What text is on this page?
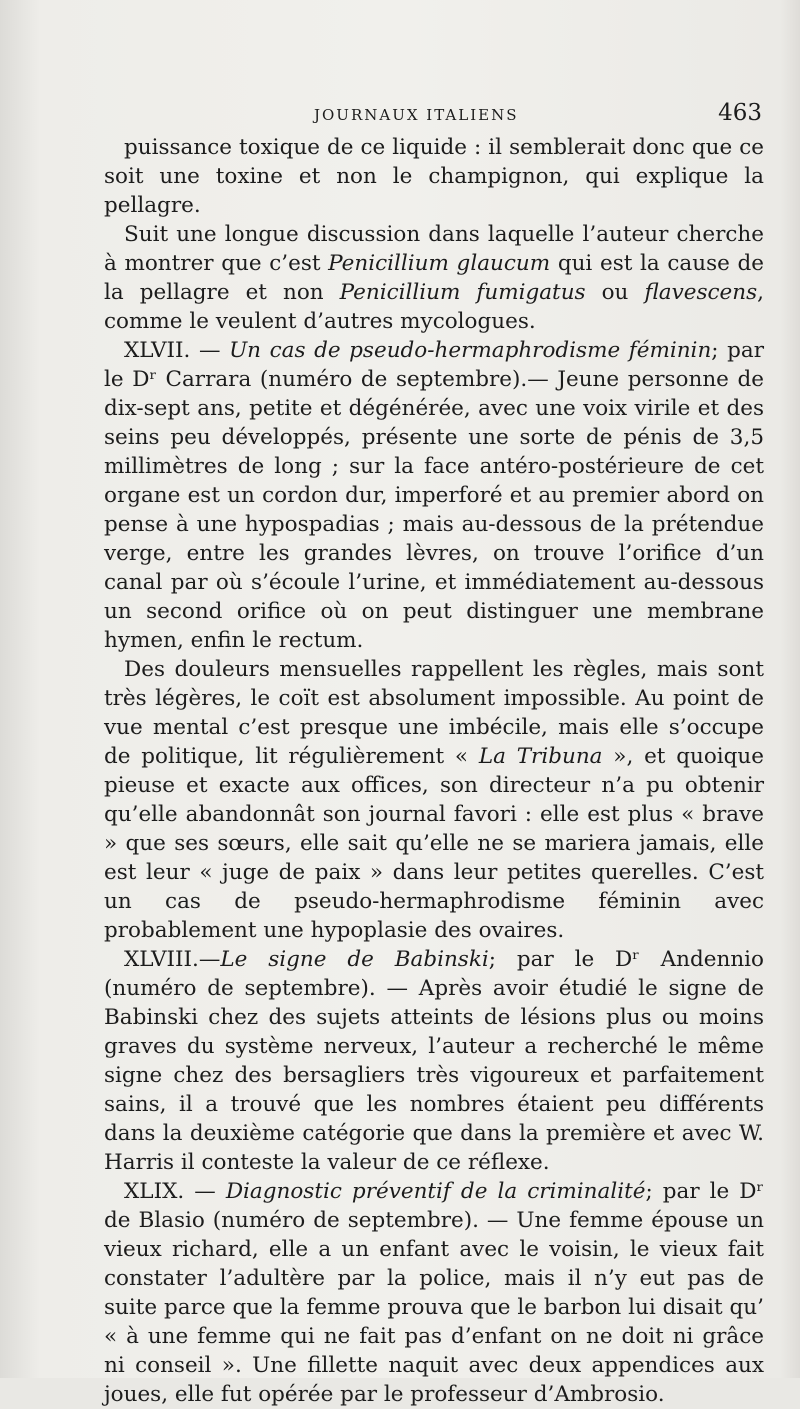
JOURNAUX ITALIENS	463

puissance toxique de ce liquide : il semblerait donc que ce soit une toxine et non le champignon, qui explique la pellagre.

Suit une longue discussion dans laquelle l’auteur cherche à montrer que c’est Penicillium glaucum qui est la cause de la pellagre et non Penicillium fumigatus ou flavescens, comme le veulent d’autres mycologues.

XLVII. — Un cas de pseudo-hermaphrodisme féminin; par le Dʳ Carrara (numéro de septembre).— Jeune personne de dix-sept ans, petite et dégénérée, avec une voix virile et des seins peu développés, présente une sorte de pénis de 3,5 millimètres de long ; sur la face antéro-postérieure de cet organe est un cordon dur, imperforé et au premier abord on pense à une hypospadias ; mais au-dessous de la prétendue verge, entre les grandes lèvres, on trouve l’orifice d’un canal par où s’écoule l’urine, et immédiatement au-dessous un second orifice où on peut distinguer une membrane hymen, enfin le rectum.

Des douleurs mensuelles rappellent les règles, mais sont très légères, le coït est absolument impossible. Au point de vue mental c’est presque une imbécile, mais elle s’occupe de politique, lit régulièrement « La Tribuna », et quoique pieuse et exacte aux offices, son directeur n’a pu obtenir qu’elle abandonnât son journal favori : elle est plus « brave » que ses sœurs, elle sait qu’elle ne se mariera jamais, elle est leur « juge de paix » dans leur petites querelles. C’est un cas de pseudo-hermaphrodisme féminin avec probablement une hypoplasie des ovaires.

XLVIII.—Le signe de Babinski; par le Dʳ Andennio (numéro de septembre). — Après avoir étudié le signe de Babinski chez des sujets atteints de lésions plus ou moins graves du système nerveux, l’auteur a recherché le même signe chez des bersagliers très vigoureux et parfaitement sains, il a trouvé que les nombres étaient peu différents dans la deuxième catégorie que dans la première et avec W. Harris il conteste la valeur de ce réflexe.

XLIX. — Diagnostic préventif de la criminalité; par le Dʳ de Blasio (numéro de septembre). — Une femme épouse un vieux richard, elle a un enfant avec le voisin, le vieux fait constater l’adultère par la police, mais il n’y eut pas de suite parce que la femme prouva que le barbon lui disait qu’ « à une femme qui ne fait pas d’enfant on ne doit ni grâce ni conseil ». Une fillette naquit avec deux appendices aux joues, elle fut opérée par le professeur d’Ambrosio.
